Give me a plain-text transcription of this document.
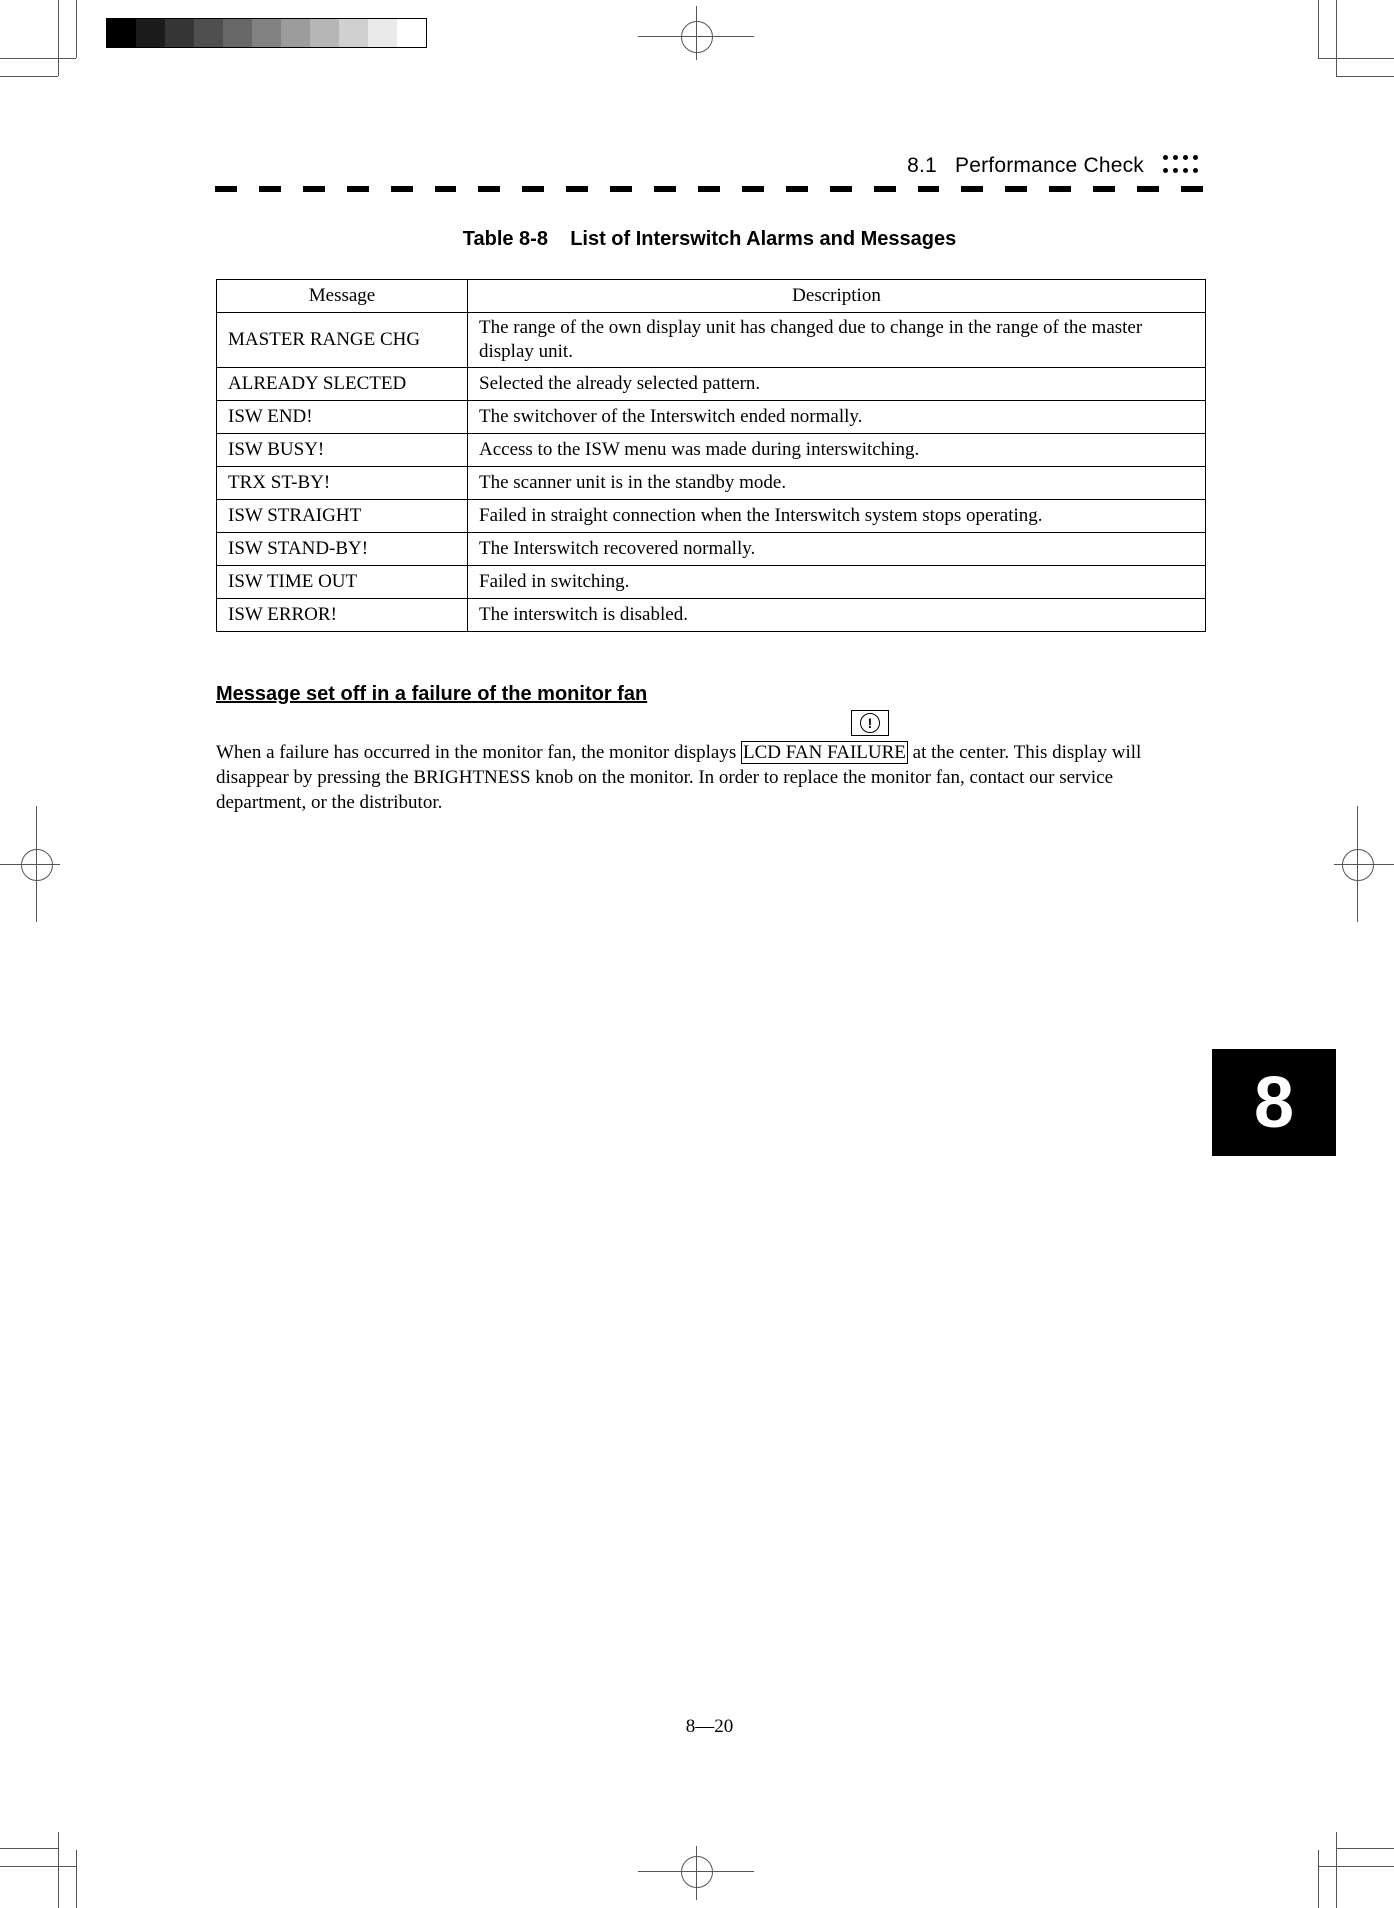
8.1   Performance Check
Table 8-8    List of Interswitch Alarms and Messages
Message	Description
MASTER RANGE CHG	The range of the own display unit has changed due to change in the range of the master display unit.
ALREADY SLECTED	Selected the already selected pattern.
ISW END!	The switchover of the Interswitch ended normally.
ISW BUSY!	Access to the ISW menu was made during interswitching.
TRX ST-BY!	The scanner unit is in the standby mode.
ISW STRAIGHT	Failed in straight connection when the Interswitch system stops operating.
ISW STAND-BY!	The Interswitch recovered normally.
ISW TIME OUT	Failed in switching.
ISW ERROR!	The interswitch is disabled.
Message set off in a failure of the monitor fan
!
When a failure has occurred in the monitor fan, the monitor displays LCD FAN FAILURE at the center. This display will disappear by pressing the BRIGHTNESS knob on the monitor. In order to replace the monitor fan, contact our service department, or the distributor.
8
8—20
